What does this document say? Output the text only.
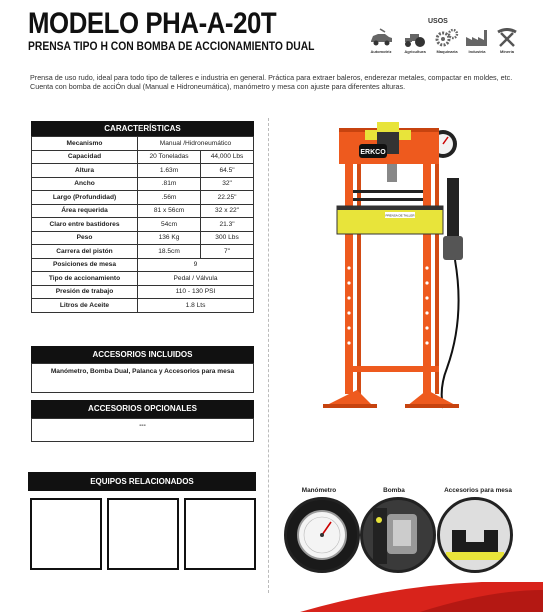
MODELO PHA-A-20T
PRENSA TIPO H CON BOMBA DE ACCIONAMIENTO DUAL
USOS
Automotriz	Agricultura	Maquinaria	Industria	Minería
Prensa de uso rudo, ideal para todo tipo de talleres e industria en general. Práctica para extraer baleros, enderezar metales, compactar en moldes, etc. Cuenta con bomba de acciÓn dual (Manual e Hidroneumática), manómetro y mesa con ajuste para diferentes alturas.
CARACTERÍSTICAS
Mecanismo	Manual /Hidroneumático	
Capacidad	20 Toneladas	44,000 Lbs
Altura	1.63m	64.5"
Ancho	.81m	32"
Largo (Profundidad)	.56m	22.25"
Área requerida	81 x 56cm	32 x 22"
Claro entre bastidores	54cm	21.3"
Peso	136 Kg	300 Lbs
Carrera del pistón	18.5cm	7"
Posiciones de mesa	9	
Tipo de accionamiento	Pedal / Válvula	
Presión de trabajo	110 - 130 PSI	
Litros de Aceite	1.8 Lts	
ACCESORIOS INCLUIDOS
Manómetro, Bomba Dual, Palanca y Accesorios para mesa
ACCESORIOS OPCIONALES
---
EQUIPOS RELACIONADOS
ERKCO
PRENSA DE TALLER
Manómetro	Bomba	Accesorios para mesa
